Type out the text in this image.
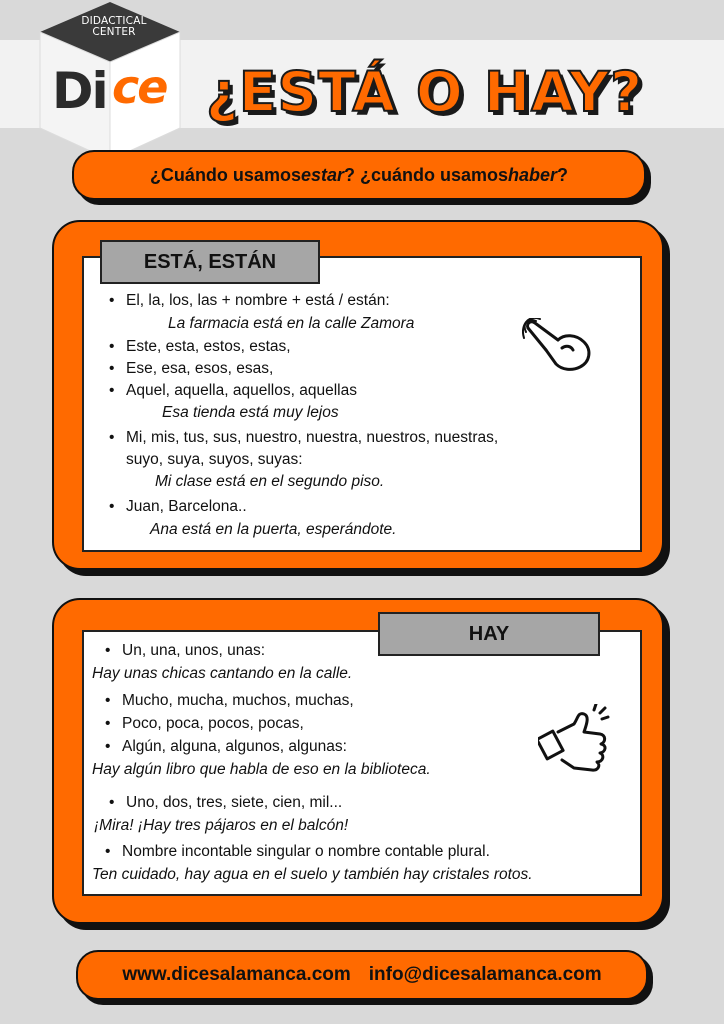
DIDACTICAL
CENTER
Di ce ¿ESTÁ O HAY?
¿Cuándo usamos estar ? ¿cuándo usamos haber ?
ESTÁ, ESTÁN
• El, la, los, las + nombre + está / están:
La farmacia está en la calle Zamora
• Este, esta, estos, estas,
• Ese, esa, esos, esas,
• Aquel, aquella, aquellos, aquellas
Esa tienda está muy lejos
• Mi, mis, tus, sus, nuestro, nuestra, nuestros, nuestras,
suyo, suya, suyos, suyas:
Mi clase está en el segundo piso.
• Juan, Barcelona..
Ana está en la puerta, esperándote.
HAY
• Un, una, unos, unas:
Hay unas chicas cantando en la calle.
• Mucho, mucha, muchos, muchas,
• Poco, poca, pocos, pocas,
• Algún, alguna, algunos, algunas:
Hay algún libro que habla de eso en la biblioteca.
• Uno, dos, tres, siete, cien, mil...
¡Mira! ¡Hay tres pájaros en el balcón!
• Nombre incontable singular o nombre contable plural.
Ten cuidado, hay agua en el suelo y también hay cristales rotos.
www.dicesalamanca.com info@dicesalamanca.com
